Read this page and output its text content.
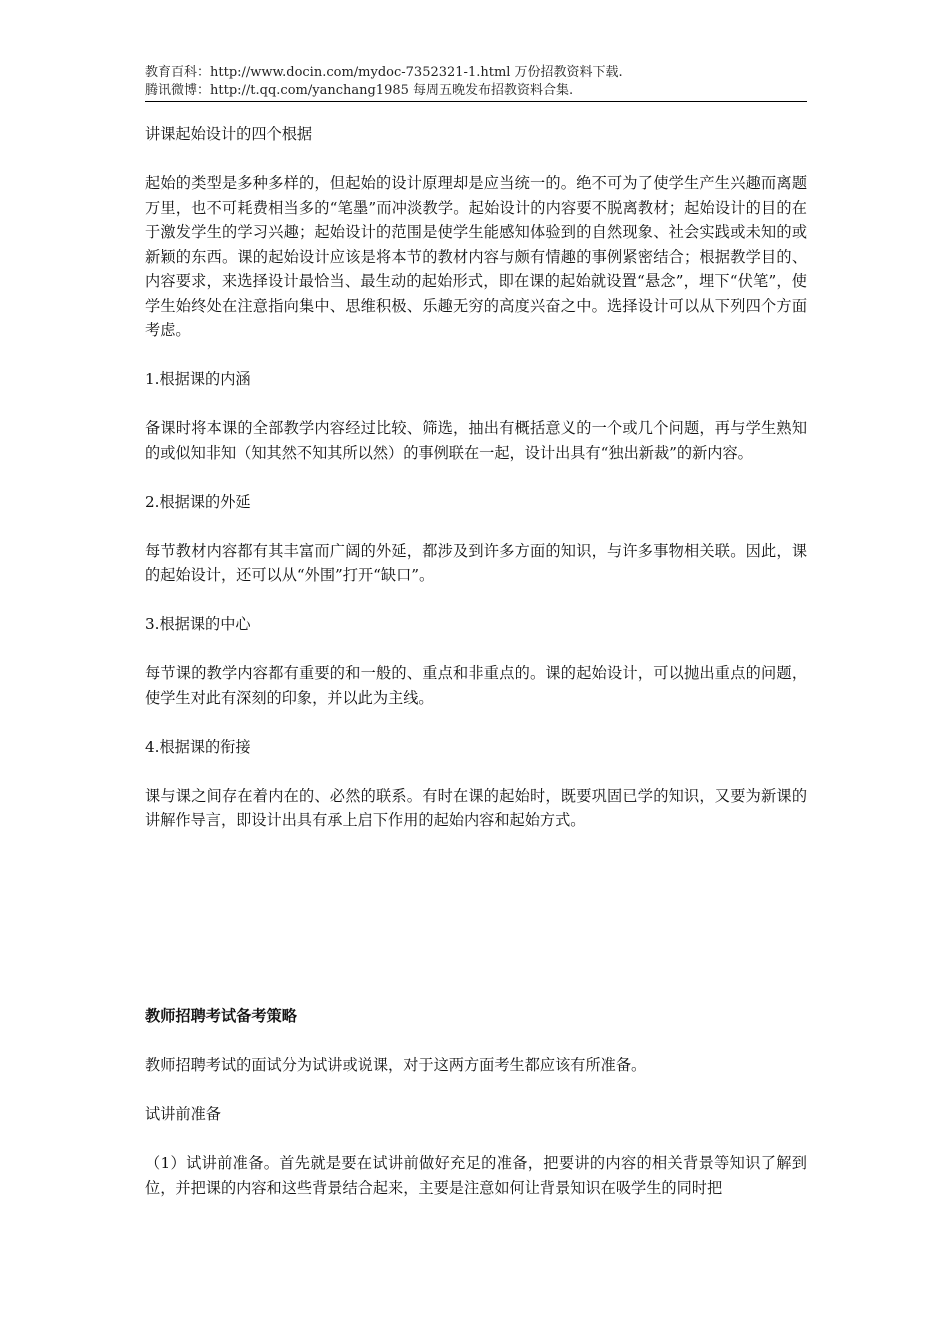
教育百科：http://www.docin.com/mydoc-7352321-1.html 万份招教资料下载.
腾讯微博：http://t.qq.com/yanchang1985 每周五晚发布招教资料合集.

讲课起始设计的四个根据

起始的类型是多种多样的，但起始的设计原理却是应当统一的。绝不可为了使学生产生兴趣而离题万里，也不可耗费相当多的“笔墨”而冲淡教学。起始设计的内容要不脱离教材；起始设计的目的在于激发学生的学习兴趣；起始设计的范围是使学生能感知体验到的自然现象、社会实践或未知的或新颖的东西。课的起始设计应该是将本节的教材内容与颇有情趣的事例紧密结合；根据教学目的、内容要求，来选择设计最恰当、最生动的起始形式，即在课的起始就设置“悬念”，埋下“伏笔”，使学生始终处在注意指向集中、思维积极、乐趣无穷的高度兴奋之中。选择设计可以从下列四个方面考虑。

1.根据课的内涵

备课时将本课的全部教学内容经过比较、筛选，抽出有概括意义的一个或几个问题，再与学生熟知的或似知非知（知其然不知其所以然）的事例联在一起，设计出具有“独出新裁”的新内容。

2.根据课的外延

每节教材内容都有其丰富而广阔的外延，都涉及到许多方面的知识，与许多事物相关联。因此，课的起始设计，还可以从“外围”打开“缺口”。

3.根据课的中心

每节课的教学内容都有重要的和一般的、重点和非重点的。课的起始设计，可以抛出重点的问题，使学生对此有深刻的印象，并以此为主线。

4.根据课的衔接

课与课之间存在着内在的、必然的联系。有时在课的起始时，既要巩固已学的知识，又要为新课的讲解作导言，即设计出具有承上启下作用的起始内容和起始方式。

教师招聘考试备考策略

教师招聘考试的面试分为试讲或说课，对于这两方面考生都应该有所准备。

试讲前准备

（1）试讲前准备。首先就是要在试讲前做好充足的准备，把要讲的内容的相关背景等知识了解到位，并把课的内容和这些背景结合起来，主要是注意如何让背景知识在吸学生的同时把
